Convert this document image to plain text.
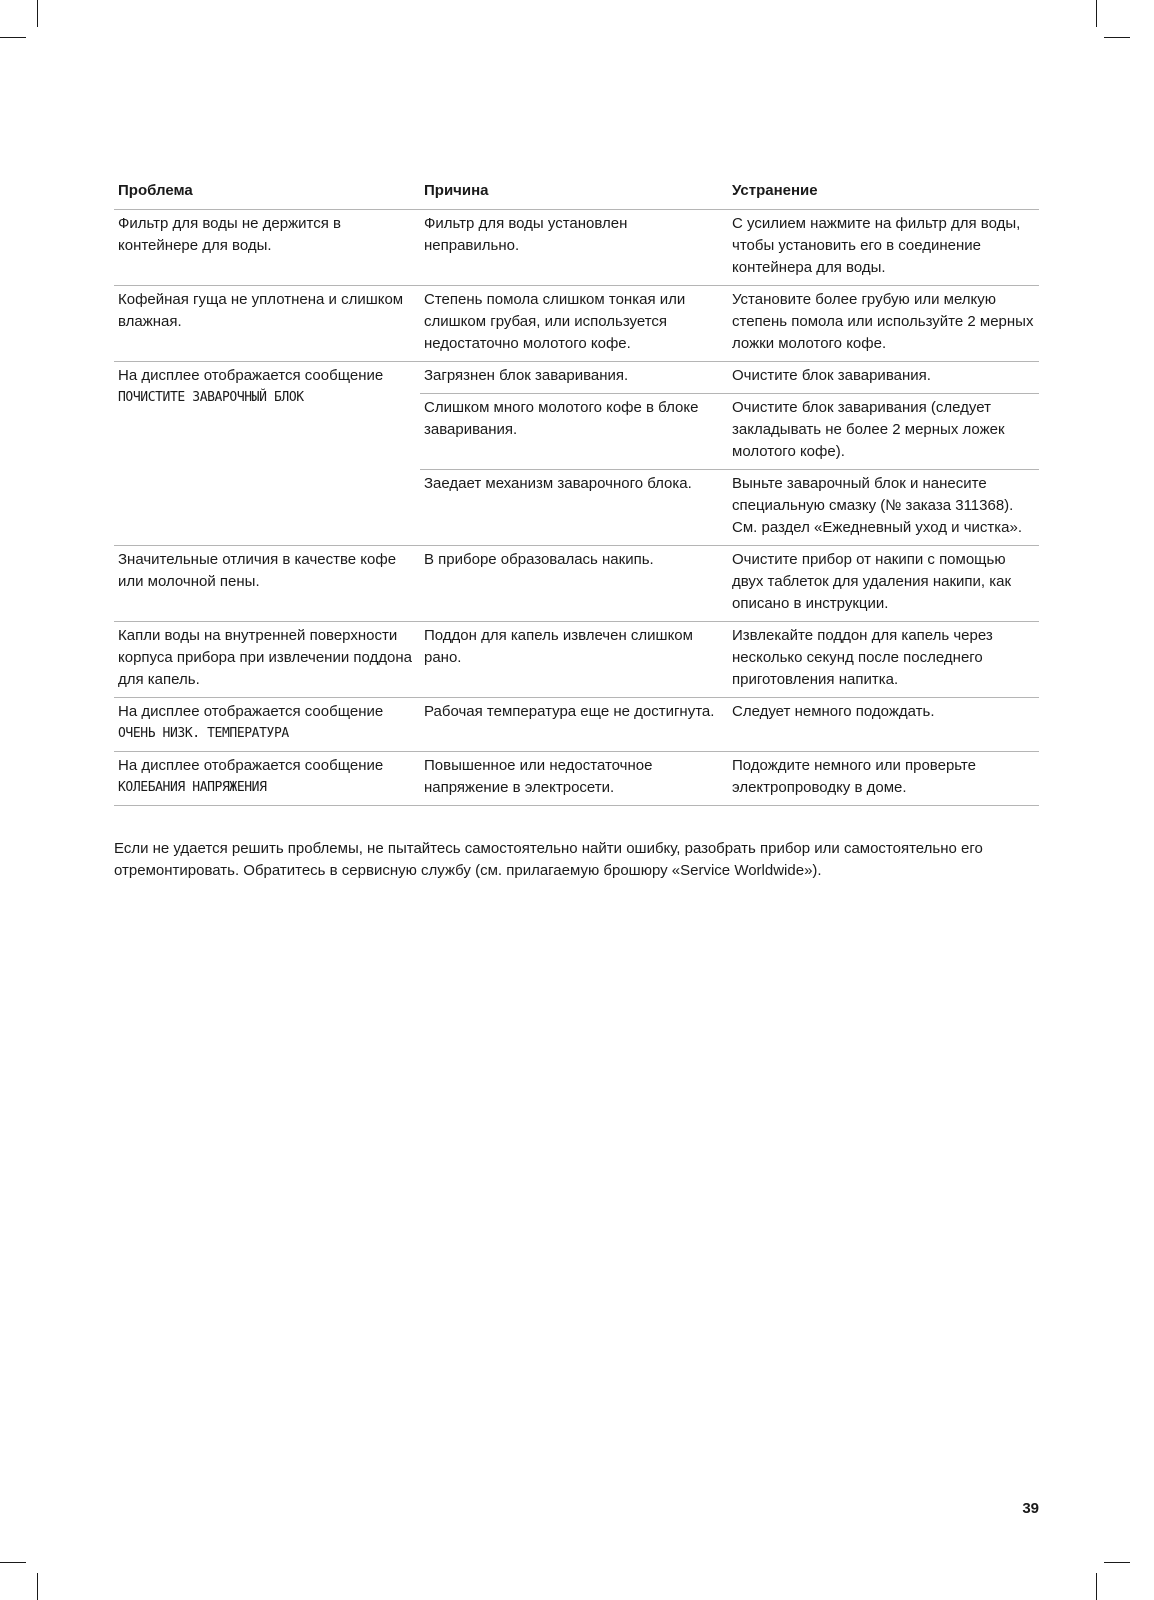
Проблема	Причина	Устранение
Фильтр для воды не держится в контейнере для воды.	Фильтр для воды установлен неправильно.	С усилием нажмите на фильтр для воды, чтобы установить его в соединение контейнера для воды.
Кофейная гуща не уплотнена и слишком влажная.	Степень помола слишком тонкая или слишком грубая, или используется недостаточно молотого кофе.	Установите более грубую или мелкую степень помола или используйте 2 мерных ложки молотого кофе.
На дисплее отображается сообщение
ПОЧИСТИТЕ ЗАВАРОЧНЫЙ БЛОК	Загрязнен блок заваривания.	Очистите блок заваривания.
	Слишком много молотого кофе в блоке заваривания.	Очистите блок заваривания (следует закладывать не более 2 мерных ложек молотого кофе).
	Заедает механизм заварочного блока.	Выньте заварочный блок и нанесите специальную смазку (№ заказа 311368). См. раздел «Ежедневный уход и чистка».
Значительные отличия в качестве кофе или молочной пены.	В приборе образовалась накипь.	Очистите прибор от накипи с помощью двух таблеток для удаления накипи, как описано в инструкции.
Капли воды на внутренней поверхности корпуса прибора при извлечении поддона для капель.	Поддон для капель извлечен слишком рано.	Извлекайте поддон для капель через несколько секунд после последнего приготовления напитка.
На дисплее отображается сообщение
ОЧЕНЬ НИЗК. ТЕМПЕРАТУРА	Рабочая температура еще не достигнута.	Следует немного подождать.
На дисплее отображается сообщение
КОЛЕБАНИЯ НАПРЯЖЕНИЯ	Повышенное или недостаточное напряжение в электросети.	Подождите немного или проверьте электропроводку в доме.

Если не удается решить проблемы, не пытайтесь самостоятельно найти ошибку, разобрать прибор или самостоятельно его отремонтировать. Обратитесь в сервисную службу (см. прилагаемую брошюру «Service Worldwide»).

39
